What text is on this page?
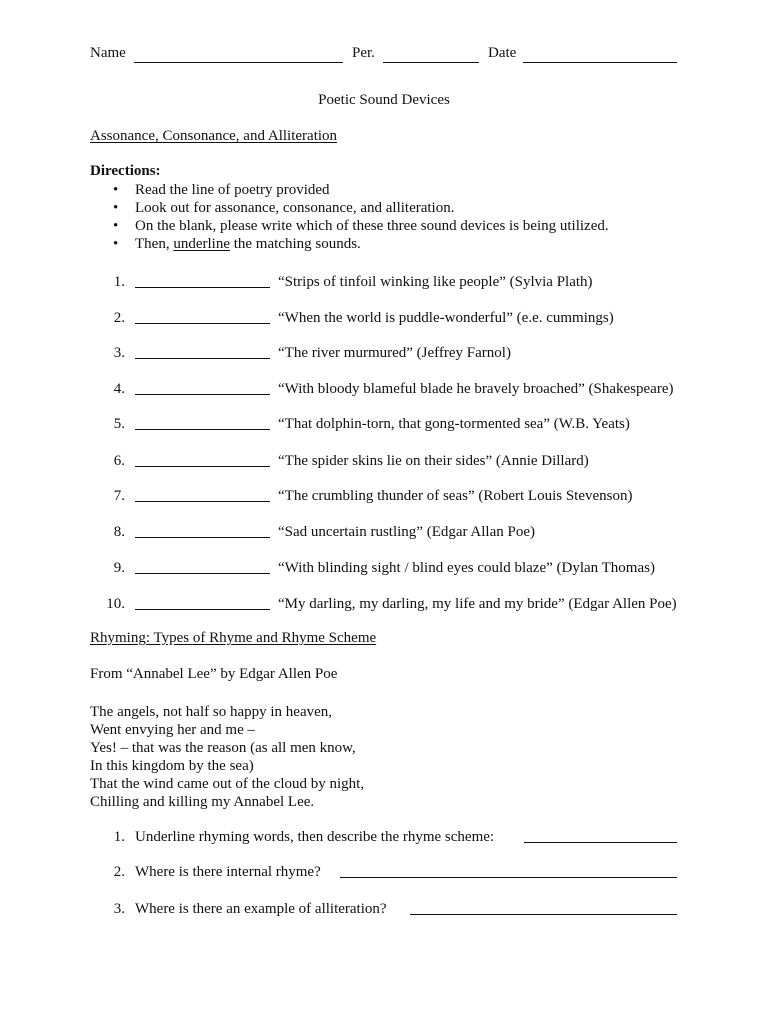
Name	Per.	Date
Poetic Sound Devices
Assonance, Consonance, and Alliteration
Directions:
• Read the line of poetry provided
• Look out for assonance, consonance, and alliteration.
• On the blank, please write which of these three sound devices is being utilized.
• Then, underline the matching sounds.
1.	“Strips of tinfoil winking like people” (Sylvia Plath)
2.	“When the world is puddle-wonderful” (e.e. cummings)
3.	“The river murmured” (Jeffrey Farnol)
4.	“With bloody blameful blade he bravely broached” (Shakespeare)
5.	“That dolphin-torn, that gong-tormented sea” (W.B. Yeats)
6.	“The spider skins lie on their sides” (Annie Dillard)
7.	“The crumbling thunder of seas” (Robert Louis Stevenson)
8.	“Sad uncertain rustling” (Edgar Allan Poe)
9.	“With blinding sight / blind eyes could blaze” (Dylan Thomas)
10.	“My darling, my darling, my life and my bride” (Edgar Allen Poe)
Rhyming: Types of Rhyme and Rhyme Scheme
From “Annabel Lee” by Edgar Allen Poe
The angels, not half so happy in heaven,
Went envying her and me –
Yes! – that was the reason (as all men know,
In this kingdom by the sea)
That the wind came out of the cloud by night,
Chilling and killing my Annabel Lee.
1. Underline rhyming words, then describe the rhyme scheme:
2. Where is there internal rhyme?
3. Where is there an example of alliteration?
